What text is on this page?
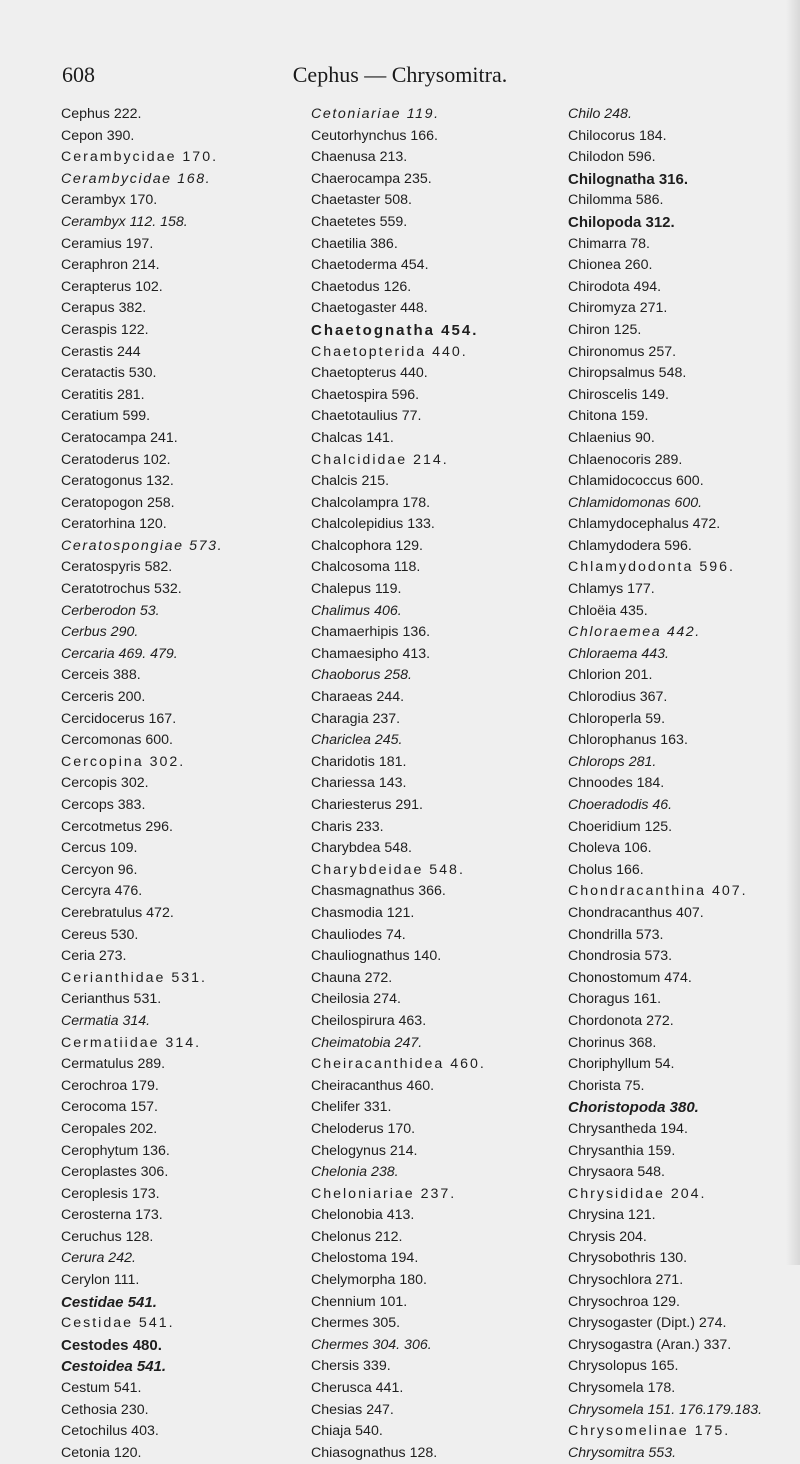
608	Cephus — Chrysomitra.
Cephus 222.
Cepon 390.
Cerambycidae 170.
Cerambycidae 168.
Cerambyx 170.
Cerambyx 112. 158.
Ceramius 197.
Ceraphron 214.
Cerapterus 102.
Cerapus 382.
Ceraspis 122.
Cerastis 244
Ceratactis 530.
Ceratitis 281.
Ceratium 599.
Ceratocampa 241.
Ceratoderus 102.
Ceratogonus 132.
Ceratopogon 258.
Ceratorhina 120.
Ceratospongiae 573.
Ceratospyris 582.
Ceratotrochus 532.
Cerberodon 53.
Cerbus 290.
Cercaria 469. 479.
Cerceis 388.
Cerceris 200.
Cercidocerus 167.
Cercomonas 600.
Cercopina 302.
Cercopis 302.
Cercops 383.
Cercotmetus 296.
Cercus 109.
Cercyon 96.
Cercyra 476.
Cerebratulus 472.
Cereus 530.
Ceria 273.
Cerianthidae 531.
Cerianthus 531.
Cermatia 314.
Cermatiidae 314.
Cermatulus 289.
Cerochroa 179.
Cerocoma 157.
Ceropales 202.
Cerophytum 136.
Ceroplastes 306.
Ceroplesis 173.
Cerosterna 173.
Ceruchus 128.
Cerura 242.
Cerylon 111.
Cestidae 541.
Cestidae 541.
Cestodes 480.
Cestoidea 541.
Cestum 541.
Cethosia 230.
Cetochilus 403.
Cetonia 120.
Cetoniariae 119.
Ceutorhynchus 166.
Chaenusa 213.
Chaerocampa 235.
Chaetaster 508.
Chaetetes 559.
Chaetilia 386.
Chaetoderma 454.
Chaetodus 126.
Chaetogaster 448.
Chaetognatha 454.
Chaetopterida 440.
Chaetopterus 440.
Chaetospira 596.
Chaetotaulius 77.
Chalcas 141.
Chalcididae 214.
Chalcis 215.
Chalcolampra 178.
Chalcolepidius 133.
Chalcophora 129.
Chalcosoma 118.
Chalepus 119.
Chalimus 406.
Chamaerhipis 136.
Chamaesipho 413.
Chaoborus 258.
Charaeas 244.
Charagia 237.
Chariclea 245.
Charidotis 181.
Chariessa 143.
Chariesterus 291.
Charis 233.
Charybdea 548.
Charybdeidae 548.
Chasmagnathus 366.
Chasmodia 121.
Chauliodes 74.
Chauliognathus 140.
Chauna 272.
Cheilosia 274.
Cheilospirura 463.
Cheimatobia 247.
Cheiracanthidea 460.
Cheiracanthus 460.
Chelifer 331.
Cheloderus 170.
Chelogynus 214.
Chelonia 238.
Cheloniariae 237.
Chelonobia 413.
Chelonus 212.
Chelostoma 194.
Chelymorpha 180.
Chennium 101.
Chermes 305.
Chermes 304. 306.
Chersis 339.
Cherusca 441.
Chesias 247.
Chiaja 540.
Chiasognathus 128.
Chilo 248.
Chilocorus 184.
Chilodon 596.
Chilognatha 316.
Chilomma 586.
Chilopoda 312.
Chimarra 78.
Chionea 260.
Chirodota 494.
Chiromyza 271.
Chiron 125.
Chironomus 257.
Chiropsalmus 548.
Chiroscelis 149.
Chitona 159.
Chlaenius 90.
Chlaenocoris 289.
Chlamidococcus 600.
Chlamidomonas 600.
Chlamydocephalus 472.
Chlamydodera 596.
Chlamydodonta 596.
Chlamys 177.
Chloëia 435.
Chloraemea 442.
Chloraema 443.
Chlorion 201.
Chlorodius 367.
Chloroperla 59.
Chlorophanus 163.
Chlorops 281.
Chnoodes 184.
Choeradodis 46.
Choeridium 125.
Choleva 106.
Cholus 166.
Chondracanthina 407.
Chondracanthus 407.
Chondrilla 573.
Chondrosia 573.
Chonostomum 474.
Choragus 161.
Chordonota 272.
Chorinus 368.
Choriphyllum 54.
Chorista 75.
Choristopoda 380.
Chrysantheda 194.
Chrysanthia 159.
Chrysaora 548.
Chrysididae 204.
Chrysina 121.
Chrysis 204.
Chrysobothris 130.
Chrysochlora 271.
Chrysochroa 129.
Chrysogaster (Dipt.) 274.
Chrysogastra (Aran.) 337.
Chrysolopus 165.
Chrysomela 178.
Chrysomela 151. 176.179.183.
Chrysomelinae 175.
Chrysomitra 553.
